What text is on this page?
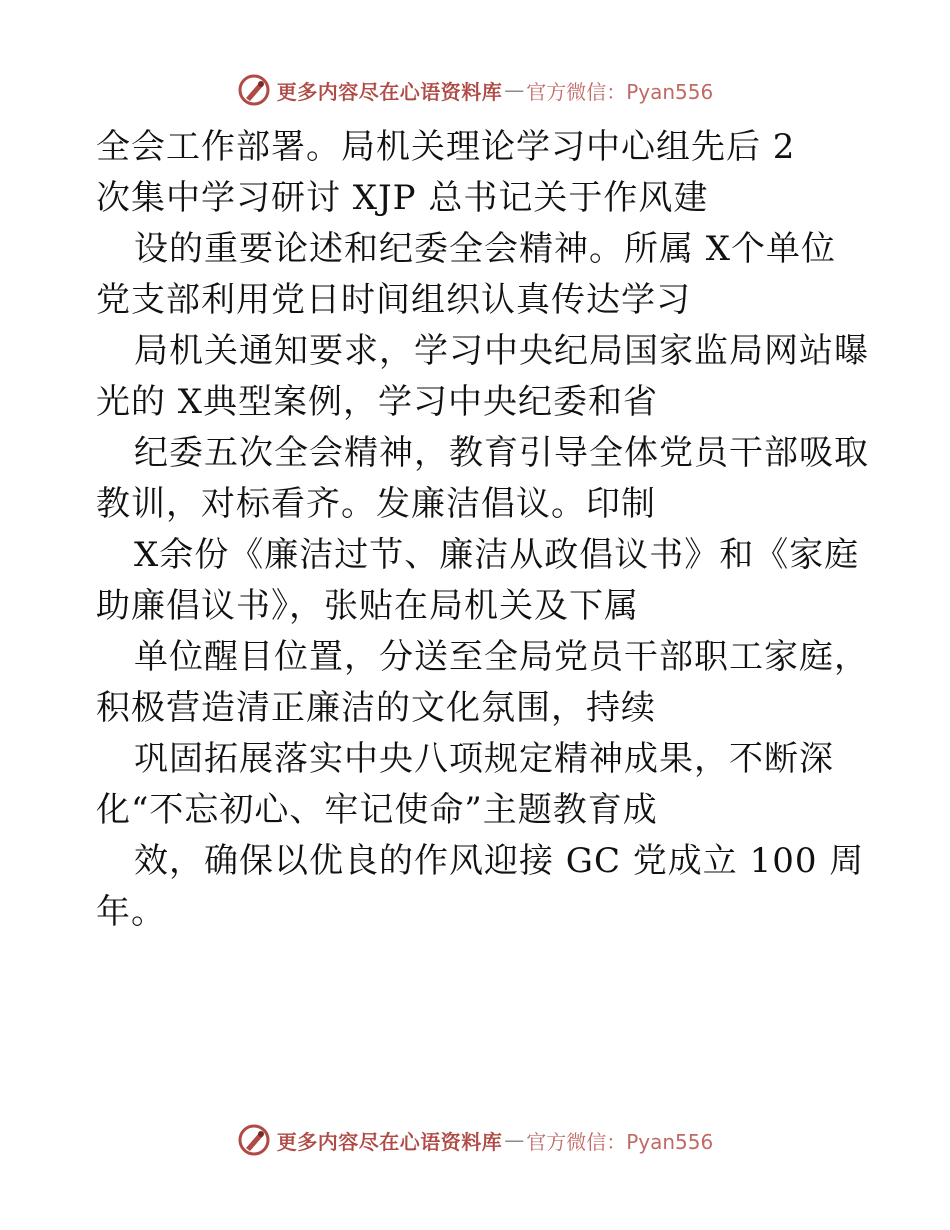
更多内容尽在心语资料库 — 官方微信：Pyan556

全会工作部署。局机关理论学习中心组先后 2

次集中学习研讨 XJP 总书记关于作风建

设的重要论述和纪委全会精神。所属 X个单位

党支部利用党日时间组织认真传达学习

局机关通知要求，学习中央纪局国家监局网站曝

光的 X典型案例，学习中央纪委和省

纪委五次全会精神，教育引导全体党员干部吸取

教训，对标看齐。发廉洁倡议。印制

X余份《廉洁过节、廉洁从政倡议书》和《家庭

助廉倡议书》，张贴在局机关及下属

单位醒目位置，分送至全局党员干部职工家庭，

积极营造清正廉洁的文化氛围，持续

巩固拓展落实中央八项规定精神成果，不断深

化“不忘初心、牢记使命”主题教育成

效，确保以优良的作风迎接 GC 党成立 100 周

年。

更多内容尽在心语资料库 — 官方微信：Pyan556
